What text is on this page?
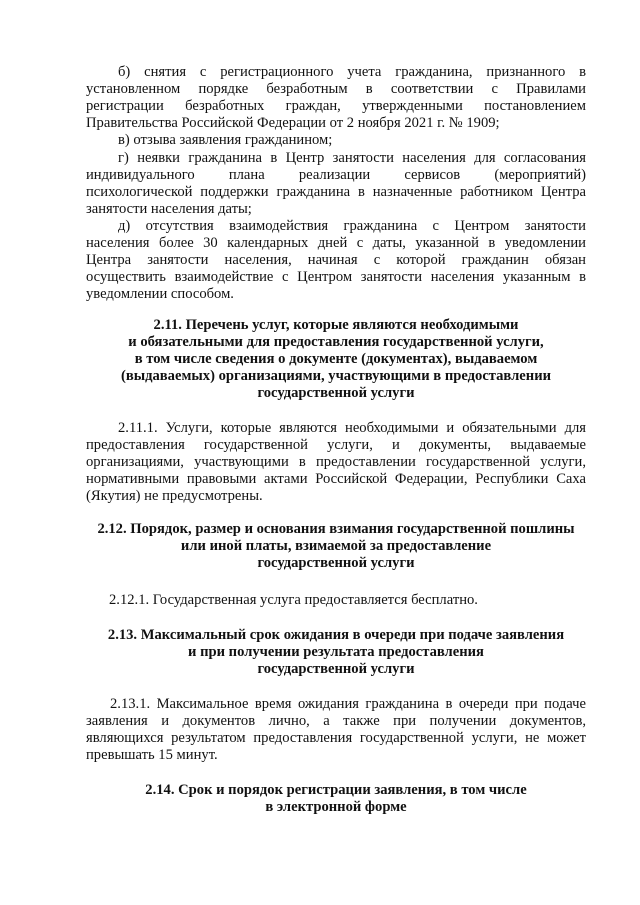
б) снятия с регистрационного учета гражданина, признанного в
установленном порядке безработным в соответствии с Правилами
регистрации безработных граждан, утвержденными постановлением
Правительства Российской Федерации от 2 ноября 2021 г. № 1909;
в) отзыва заявления гражданином;
г) неявки гражданина в Центр занятости населения для согласования
индивидуального плана реализации сервисов (мероприятий)
психологической поддержки гражданина в назначенные работником Центра
занятости населения даты;
д) отсутствия взаимодействия гражданина с Центром занятости
населения более 30 календарных дней с даты, указанной в уведомлении
Центра занятости населения, начиная с которой гражданин обязан
осуществить взаимодействие с Центром занятости населения указанным в
уведомлении способом.
2.11. Перечень услуг, которые являются необходимыми
и обязательными для предоставления государственной услуги,
в том числе сведения о документе (документах), выдаваемом
(выдаваемых) организациями, участвующими в предоставлении
государственной услуги
2.11.1. Услуги, которые являются необходимыми и обязательными для
предоставления государственной услуги, и документы, выдаваемые
организациями, участвующими в предоставлении государственной услуги,
нормативными правовыми актами Российской Федерации, Республики Саха
(Якутия) не предусмотрены.
2.12. Порядок, размер и основания взимания государственной пошлины
или иной платы, взимаемой за предоставление
государственной услуги
2.12.1. Государственная услуга предоставляется бесплатно.
2.13. Максимальный срок ожидания в очереди при подаче заявления
и при получении результата предоставления
государственной услуги
2.13.1. Максимальное время ожидания гражданина в очереди при подаче
заявления и документов лично, а также при получении документов,
являющихся результатом предоставления государственной услуги, не может
превышать 15 минут.
2.14. Срок и порядок регистрации заявления, в том числе
в электронной форме
